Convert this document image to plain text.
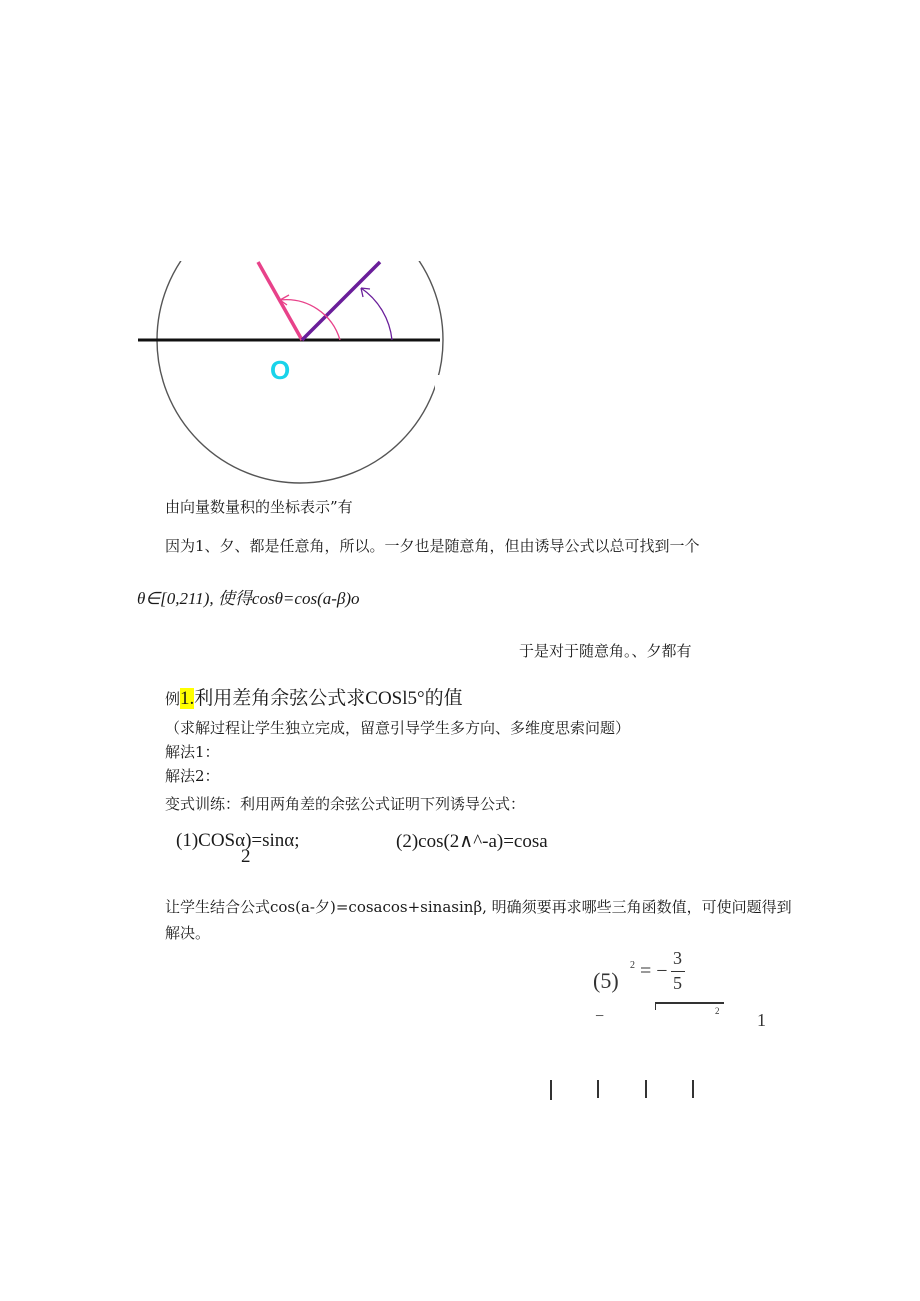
O
由向量数量积的坐标表示”有
因为1、夕、都是任意角，所以。一夕也是随意角，但由诱导公式以总可找到一个
θ∈[0,211), 使得cosθ=cos(a-β)o
于是对于随意角。、夕都有
例1.利用差角余弦公式求COSl5°的值
（求解过程让学生独立完成，留意引导学生多方向、多维度思索问题）
解法1：
解法2：
变式训练：利用两角差的余弦公式证明下列诱导公式：
(1)COSα)=sinα;
2
(2)cos(2∧^-a)=cosa
让学生结合公式cos(a-夕)=cosacos+sinasinβ, 明确须要再求哪些三角函数值，可使问题得到
解决。
(5)
2 = −
3
5
−	2 1
